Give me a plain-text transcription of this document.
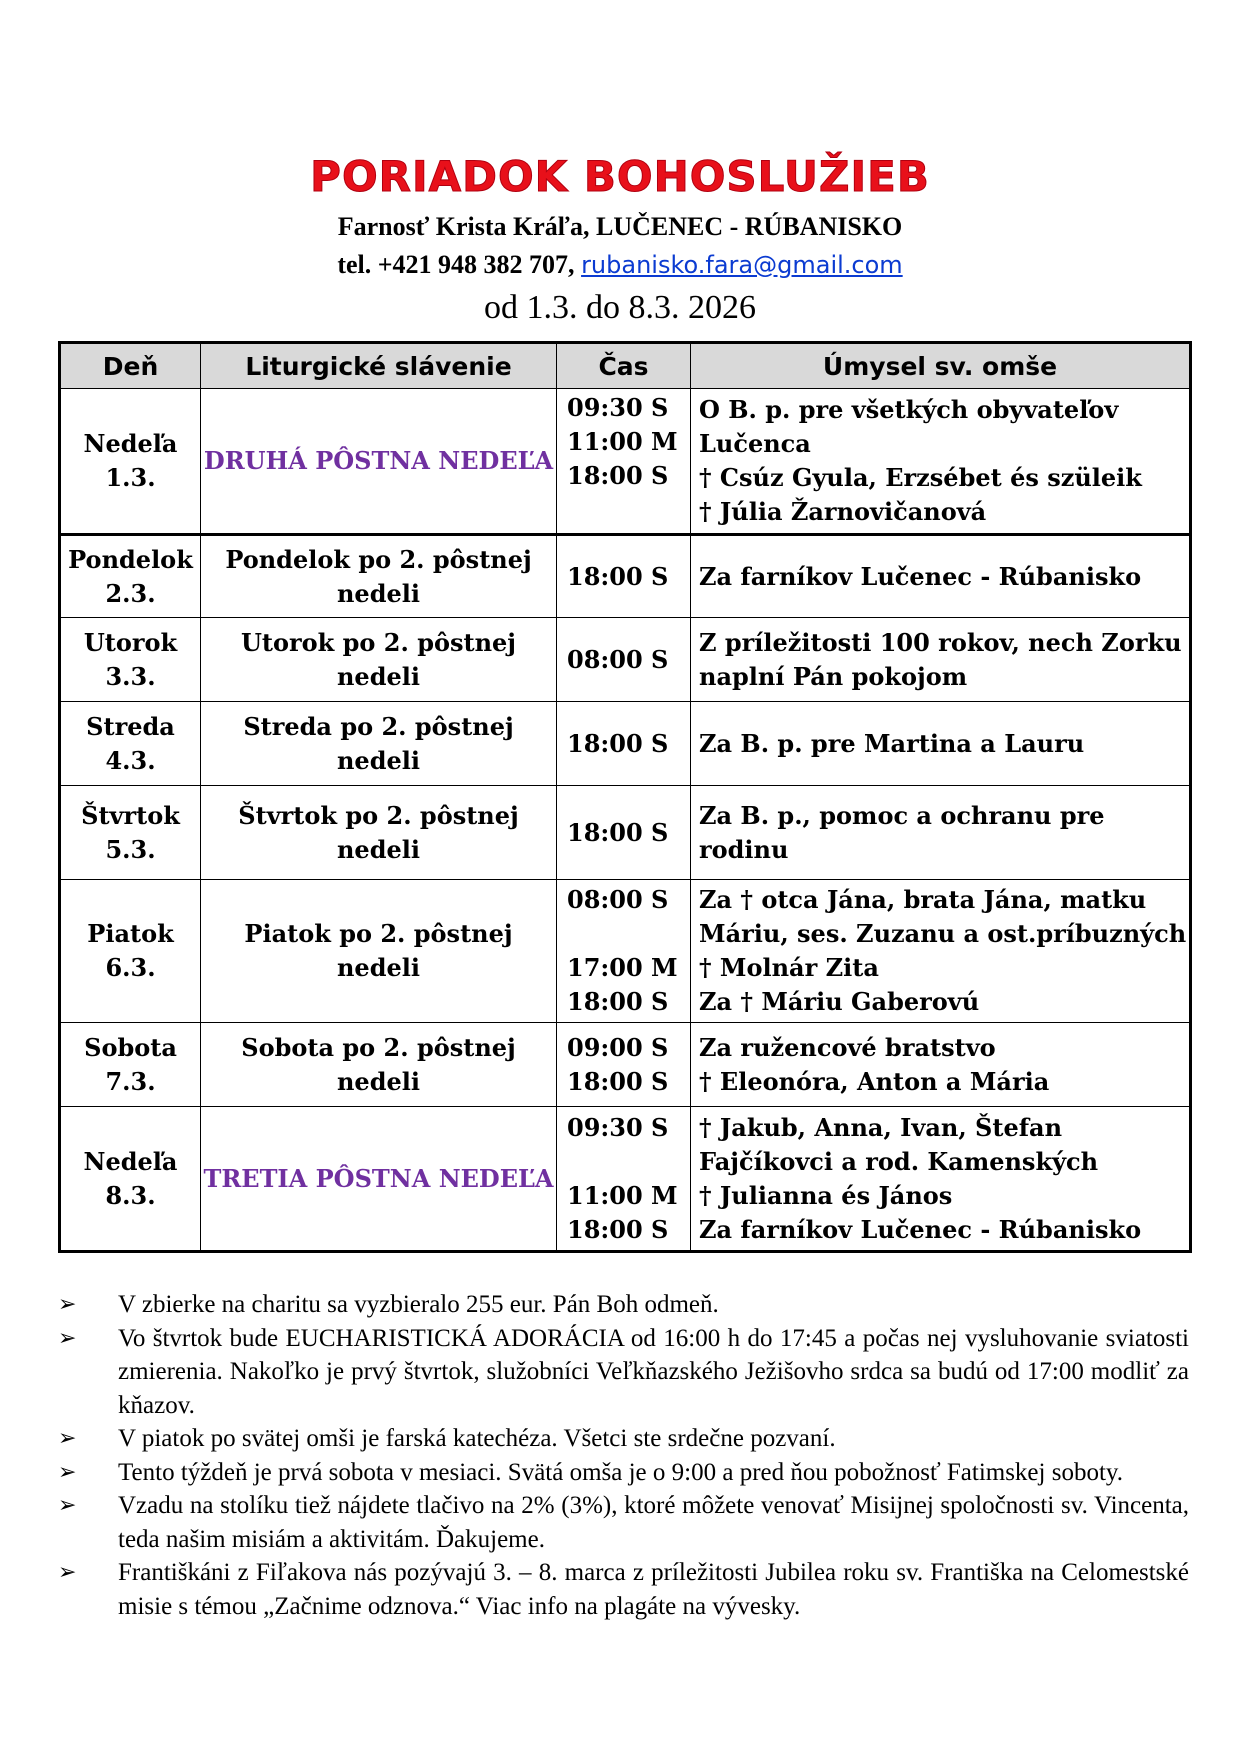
PORIADOK BOHOSLUŽIEB
Farnosť Krista Kráľa, LUČENEC - RÚBANISKO
tel. +421 948 382 707, rubanisko.fara@gmail.com
od 1.3. do 8.3. 2026
Deň	Liturgické slávenie	Čas	Úmysel sv. omše

Nedeľa
1.3.	DRUHÁ PÔSTNA NEDEĽA	09:30 S
11:00 M
18:00 S	O B. p. pre všetkých obyvateľov
Lučenca
† Csúz Gyula, Erzsébet és szüleik
† Júlia Žarnovičanová

Pondelok
2.3.	Pondelok po 2. pôstnej
nedeli	18:00 S	Za farníkov Lučenec - Rúbanisko

Utorok
3.3.	Utorok po 2. pôstnej
nedeli	08:00 S	Z príležitosti 100 rokov, nech Zorku
naplní Pán pokojom

Streda
4.3.	Streda po 2. pôstnej
nedeli	18:00 S	Za B. p. pre Martina a Lauru

Štvrtok
5.3.	Štvrtok po 2. pôstnej
nedeli	18:00 S	Za B. p., pomoc a ochranu pre
rodinu

Piatok
6.3.	Piatok po 2. pôstnej
nedeli	08:00 S
17:00 M
18:00 S	Za † otca Jána, brata Jána, matku
Máriu, ses. Zuzanu a ost.príbuzných
† Molnár Zita
Za † Máriu Gaberovú

Sobota
7.3.	Sobota po 2. pôstnej
nedeli	09:00 S
18:00 S	Za ružencové bratstvo
† Eleonóra, Anton a Mária

Nedeľa
8.3.	TRETIA PÔSTNA NEDEĽA	09:30 S
11:00 M
18:00 S	† Jakub, Anna, Ivan, Štefan
Fajčíkovci a rod. Kamenských
† Julianna és János
Za farníkov Lučenec - Rúbanisko
➢ V zbierke na charitu sa vyzbieralo 255 eur. Pán Boh odmeň.
➢ Vo štvrtok bude EUCHARISTICKÁ ADORÁCIA od 16:00 h do 17:45 a počas nej vysluhovanie sviatosti zmierenia. Nakoľko je prvý štvrtok, služobníci Veľkňazského Ježišovho srdca sa budú od 17:00 modliť za kňazov.
➢ V piatok po svätej omši je farská katechéza. Všetci ste srdečne pozvaní.
➢ Tento týždeň je prvá sobota v mesiaci. Svätá omša je o 9:00 a pred ňou pobožnosť Fatimskej soboty.
➢ Vzadu na stolíku tiež nájdete tlačivo na 2% (3%), ktoré môžete venovať Misijnej spoločnosti sv. Vincenta, teda našim misiám a aktivitám. Ďakujeme.
➢ Františkáni z Fiľakova nás pozývajú 3. – 8. marca z príležitosti Jubilea roku sv. Františka na Celomestské misie s témou „Začnime odznova.“ Viac info na plagáte na vývesky.
